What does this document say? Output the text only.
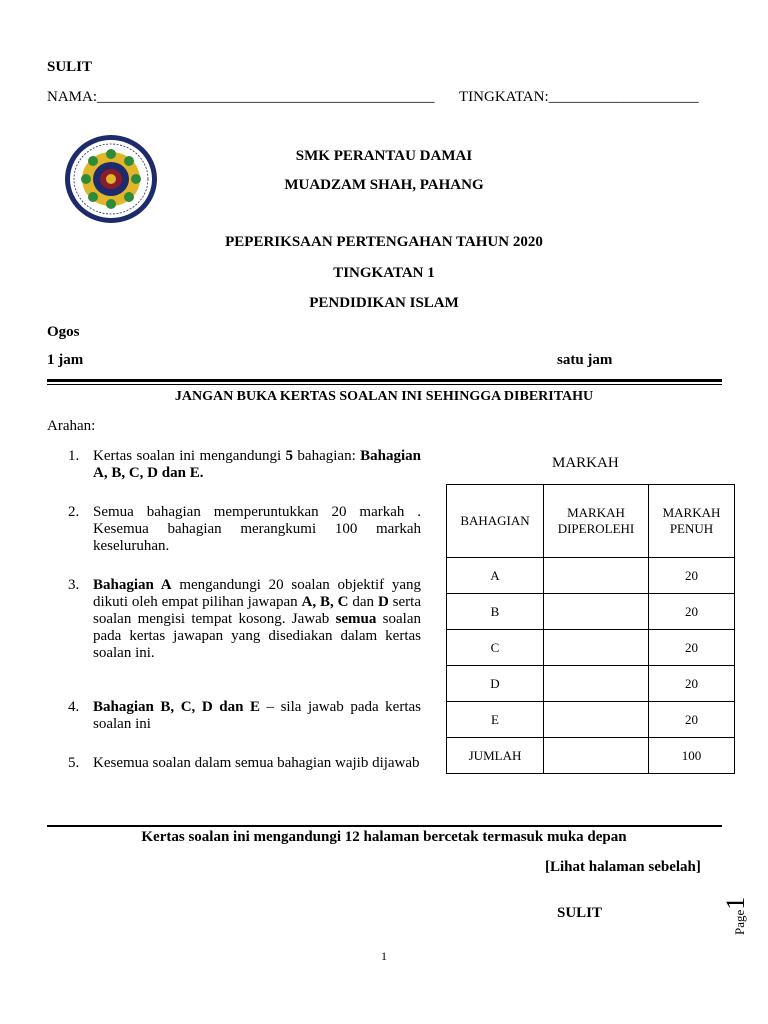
SULIT
NAMA:_____________________________________________ TINGKATAN:____________________
SMK PERANTAU DAMAI
MUADZAM SHAH, PAHANG
PEPERIKSAAN PERTENGAHAN TAHUN 2020
TINGKATAN 1
PENDIDIKAN ISLAM
Ogos
1 jam	satu jam
JANGAN BUKA KERTAS SOALAN INI SEHINGGA DIBERITAHU
Arahan:
1. Kertas soalan ini mengandungi 5 bahagian: Bahagian A, B, C, D dan E.
2. Semua bahagian memperuntukkan 20 markah . Kesemua bahagian merangkumi 100 markah keseluruhan.
3. Bahagian A mengandungi 20 soalan objektif yang dikuti oleh empat pilihan jawapan A, B, C dan D serta soalan mengisi tempat kosong. Jawab semua soalan pada kertas jawapan yang disediakan dalam kertas soalan ini.
4. Bahagian B, C, D dan E – sila jawab pada kertas soalan ini
5. Kesemua soalan dalam semua bahagian wajib dijawab
MARKAH
BAHAGIAN	MARKAH DIPEROLEHI	MARKAH PENUH
A		20
B		20
C		20
D		20
E		20
JUMLAH		100
Kertas soalan ini mengandungi 12 halaman bercetak termasuk muka depan
[Lihat halaman sebelah]
SULIT	Page1
1
